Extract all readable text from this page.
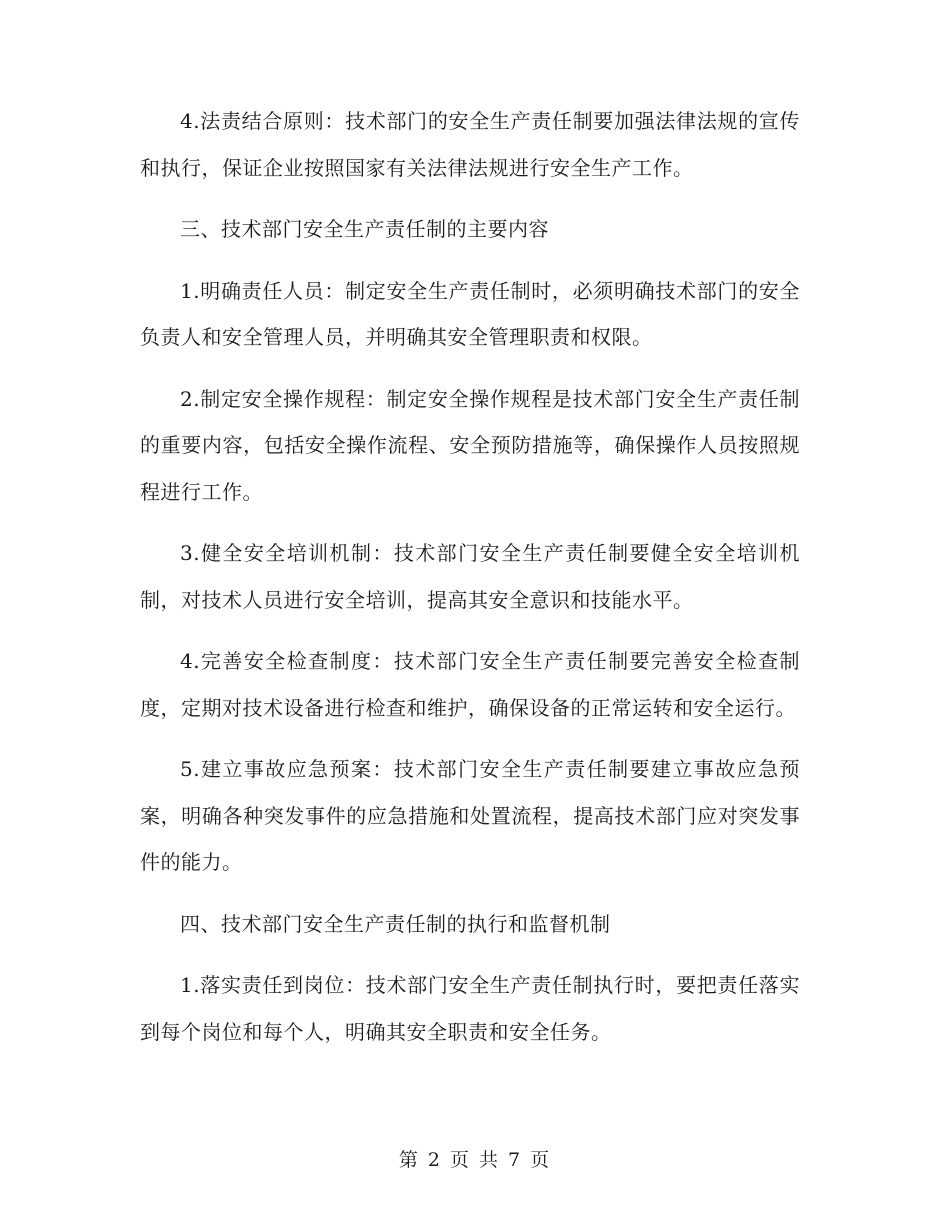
4.法责结合原则：技术部门的安全生产责任制要加强法律法规的宣传和执行，保证企业按照国家有关法律法规进行安全生产工作。

三、技术部门安全生产责任制的主要内容

1.明确责任人员：制定安全生产责任制时，必须明确技术部门的安全负责人和安全管理人员，并明确其安全管理职责和权限。

2.制定安全操作规程：制定安全操作规程是技术部门安全生产责任制的重要内容，包括安全操作流程、安全预防措施等，确保操作人员按照规程进行工作。

3.健全安全培训机制：技术部门安全生产责任制要健全安全培训机制，对技术人员进行安全培训，提高其安全意识和技能水平。

4.完善安全检查制度：技术部门安全生产责任制要完善安全检查制度，定期对技术设备进行检查和维护，确保设备的正常运转和安全运行。

5.建立事故应急预案：技术部门安全生产责任制要建立事故应急预案，明确各种突发事件的应急措施和处置流程，提高技术部门应对突发事件的能力。

四、技术部门安全生产责任制的执行和监督机制

1.落实责任到岗位：技术部门安全生产责任制执行时，要把责任落实到每个岗位和每个人，明确其安全职责和安全任务。

第 2 页 共 7 页
